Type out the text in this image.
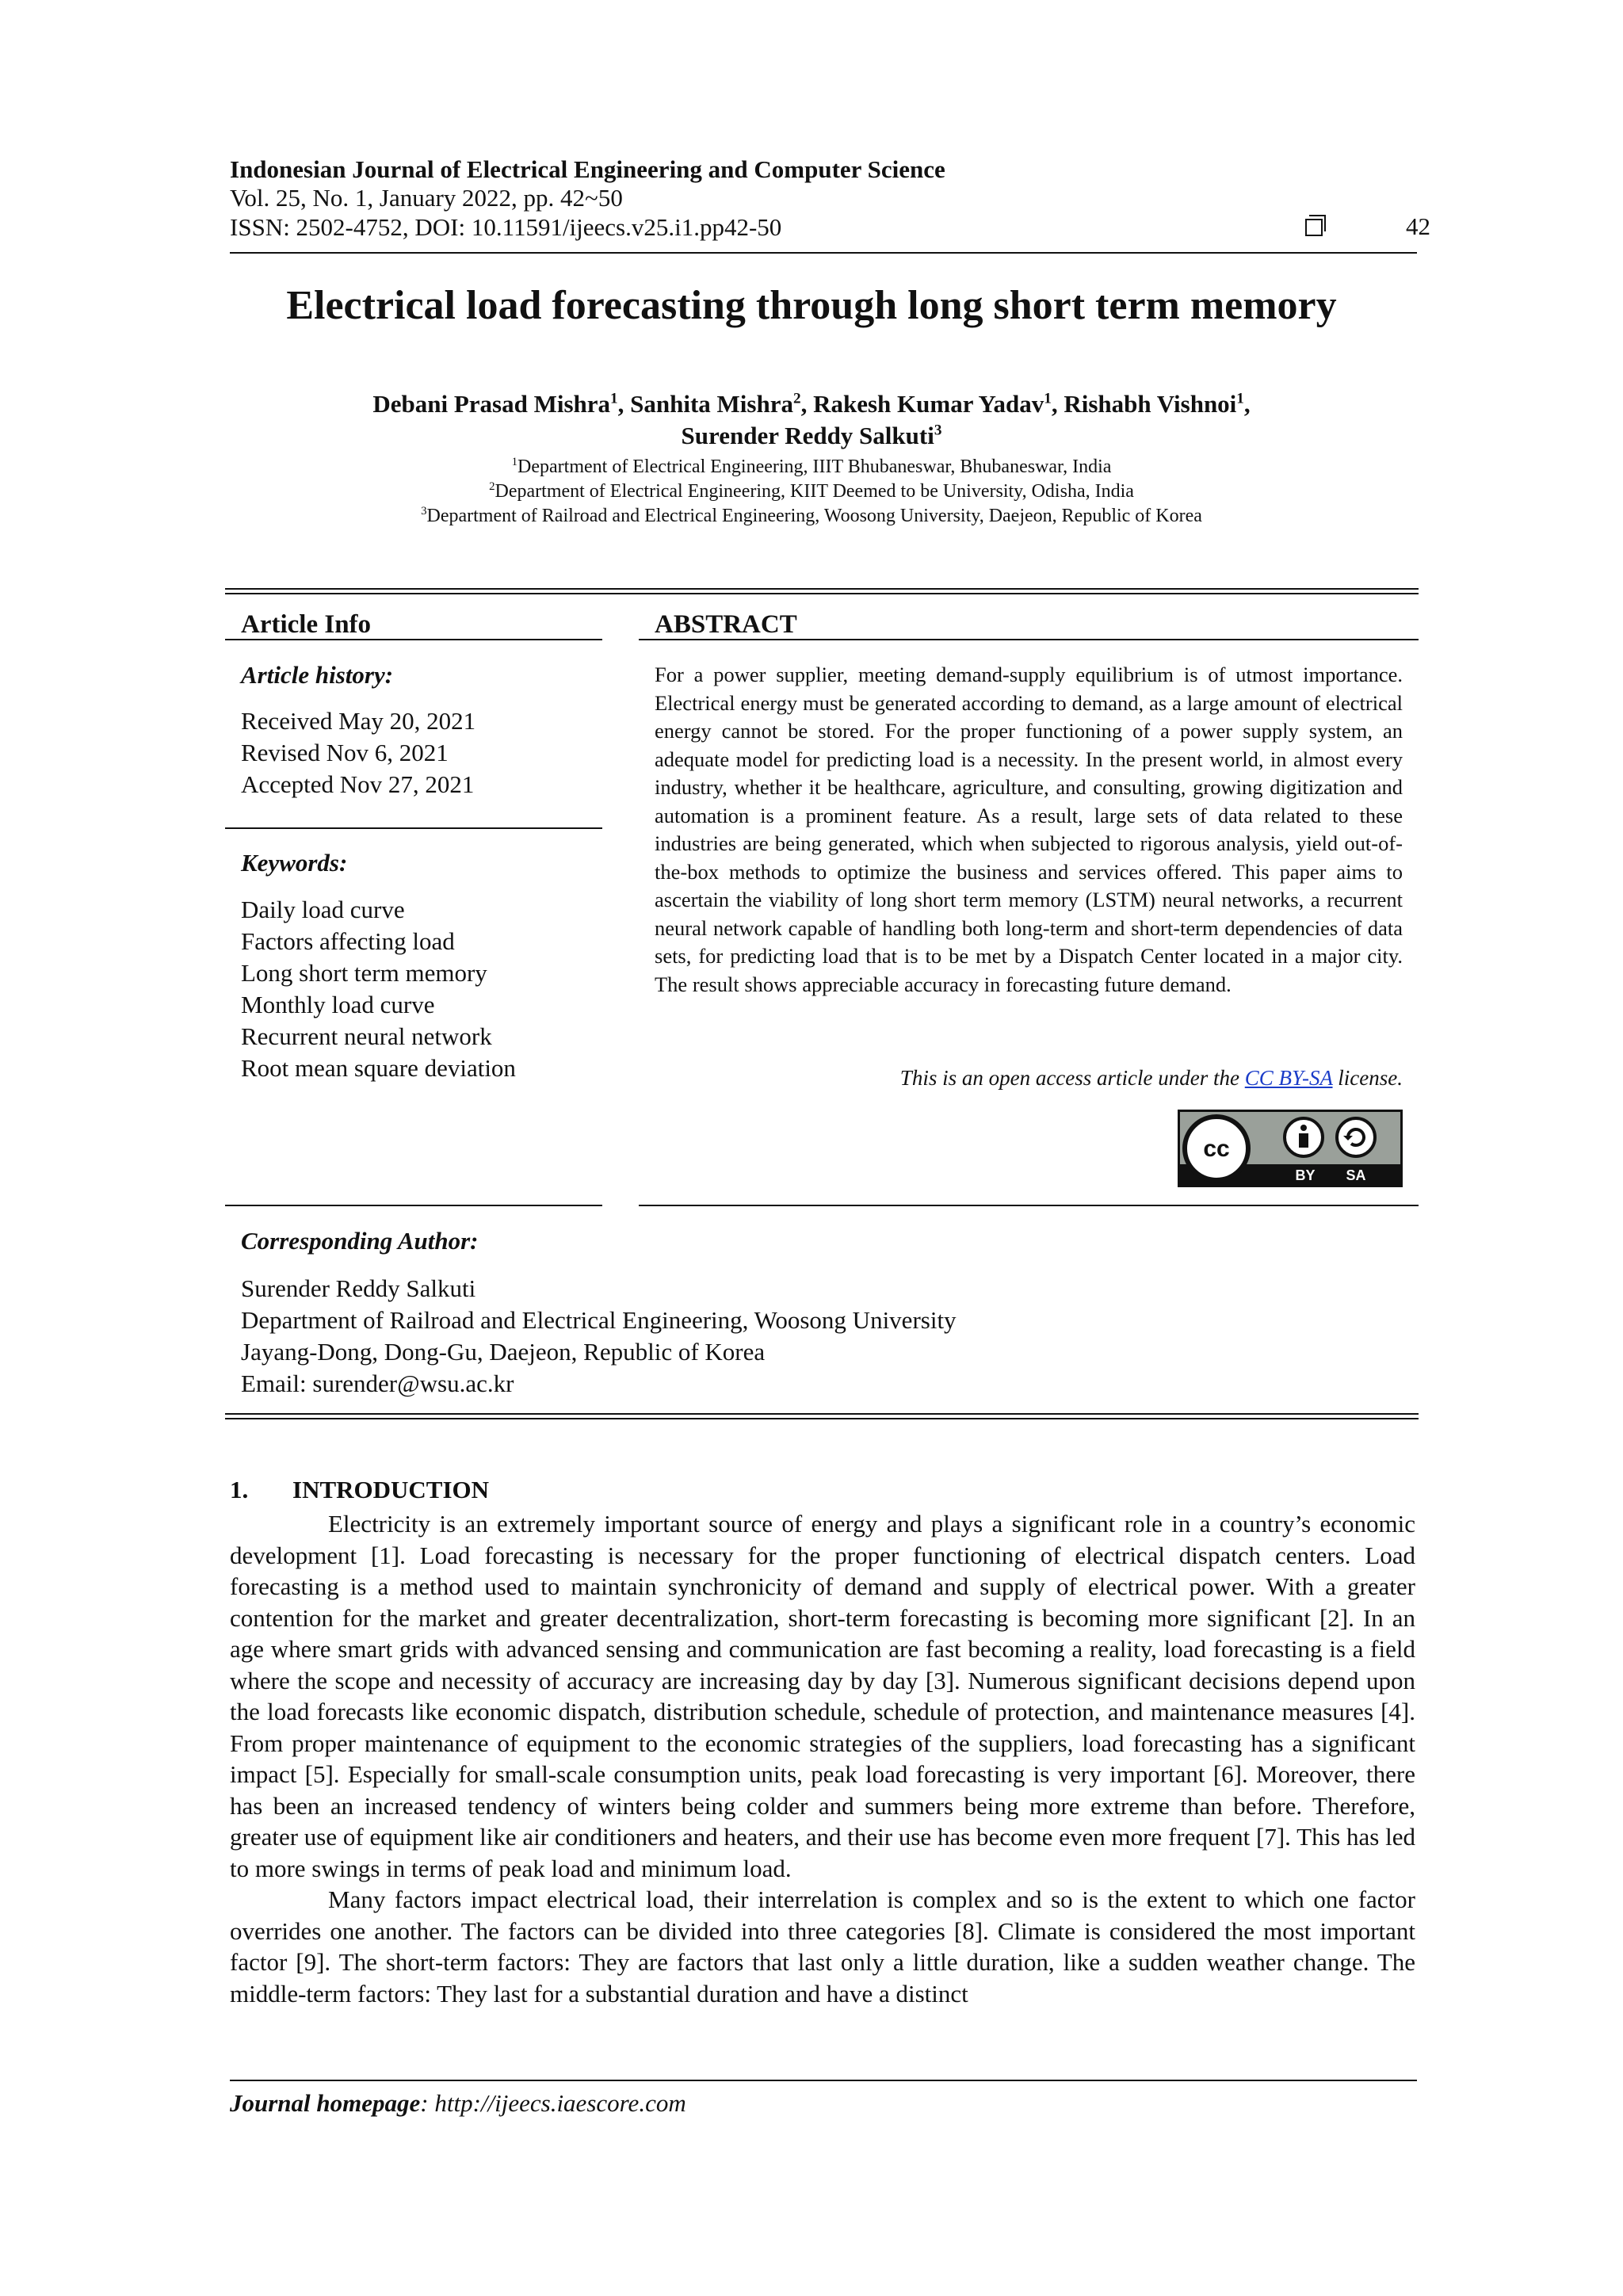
Indonesian Journal of Electrical Engineering and Computer Science
Vol. 25, No. 1, January 2022, pp. 42~50
ISSN: 2502-4752, DOI: 10.11591/ijeecs.v25.i1.pp42-50	42
Electrical load forecasting through long short term memory
Debani Prasad Mishra$^1$, Sanhita Mishra$^2$, Rakesh Kumar Yadav$^1$, Rishabh Vishnoi$^1$,
Surender Reddy Salkuti$^3$
$^1$Department of Electrical Engineering, IIIT Bhubaneswar, Bhubaneswar, India
$^2$Department of Electrical Engineering, KIIT Deemed to be University, Odisha, India
$^3$Department of Railroad and Electrical Engineering, Woosong University, Daejeon, Republic of Korea
Article Info
Article history:
Received May 20, 2021
Revised Nov 6, 2021
Accepted Nov 27, 2021
Keywords:
Daily load curve
Factors affecting load
Long short term memory
Monthly load curve
Recurrent neural network
Root mean square deviation
ABSTRACT
For a power supplier, meeting demand-supply equilibrium is of utmost importance. Electrical energy must be generated according to demand, as a large amount of electrical energy cannot be stored. For the proper functioning of a power supply system, an adequate model for predicting load is a necessity. In the present world, in almost every industry, whether it be healthcare, agriculture, and consulting, growing digitization and automation is a prominent feature. As a result, large sets of data related to these industries are being generated, which when subjected to rigorous analysis, yield out-of-the-box methods to optimize the business and services offered. This paper aims to ascertain the viability of long short term memory (LSTM) neural networks, a recurrent neural network capable of handling both long-term and short-term dependencies of data sets, for predicting load that is to be met by a Dispatch Center located in a major city. The result shows appreciable accuracy in forecasting future demand.
This is an open access article under the CC BY-SA license.
cc
BY SA
Corresponding Author:
Surender Reddy Salkuti
Department of Railroad and Electrical Engineering, Woosong University
Jayang-Dong, Dong-Gu, Daejeon, Republic of Korea
Email: surender@wsu.ac.kr
1. INTRODUCTION

Electricity is an extremely important source of energy and plays a significant role in a country’s economic development [1]. Load forecasting is necessary for the proper functioning of electrical dispatch centers. Load forecasting is a method used to maintain synchronicity of demand and supply of electrical power. With a greater contention for the market and greater decentralization, short-term forecasting is becoming more significant [2]. In an age where smart grids with advanced sensing and communication are fast becoming a reality, load forecasting is a field where the scope and necessity of accuracy are increasing day by day [3]. Numerous significant decisions depend upon the load forecasts like economic dispatch, distribution schedule, schedule of protection, and maintenance measures [4]. From proper maintenance of equipment to the economic strategies of the suppliers, load forecasting has a significant impact [5]. Especially for small-scale consumption units, peak load forecasting is very important [6]. Moreover, there has been an increased tendency of winters being colder and summers being more extreme than before. Therefore, greater use of equipment like air conditioners and heaters, and their use has become even more frequent [7]. This has led to more swings in terms of peak load and minimum load.

Many factors impact electrical load, their interrelation is complex and so is the extent to which one factor overrides one another. The factors can be divided into three categories [8]. Climate is considered the most important factor [9]. The short-term factors: They are factors that last only a little duration, like a sudden weather change. The middle-term factors: They last for a substantial duration and have a distinct

Journal homepage: http://ijeecs.iaescore.com
